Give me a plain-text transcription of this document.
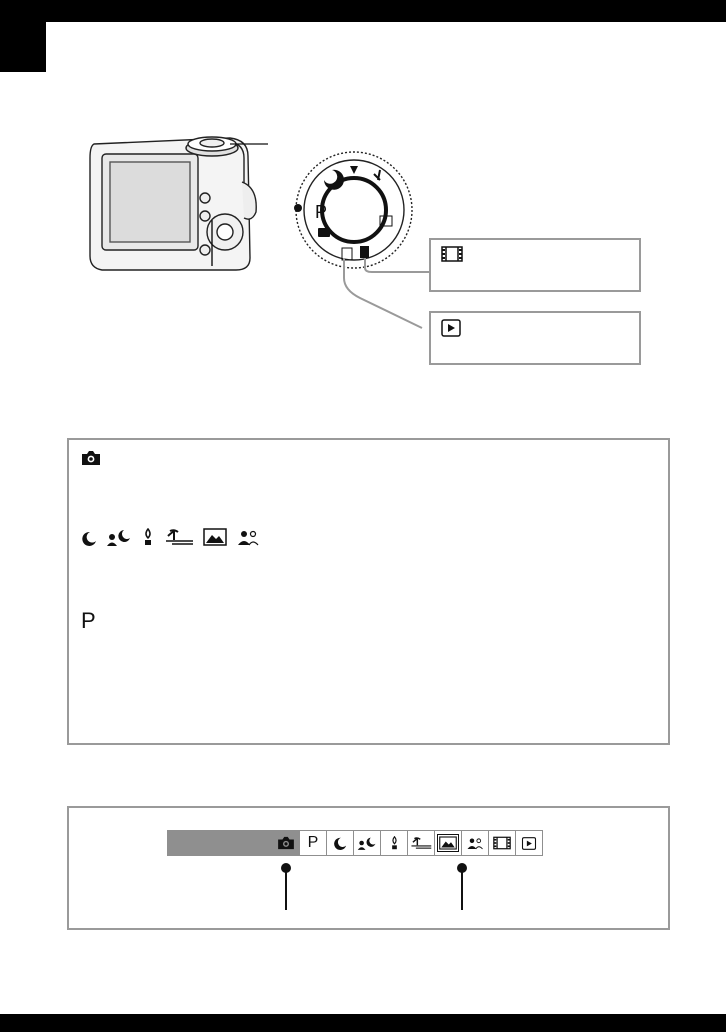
P
P
P
